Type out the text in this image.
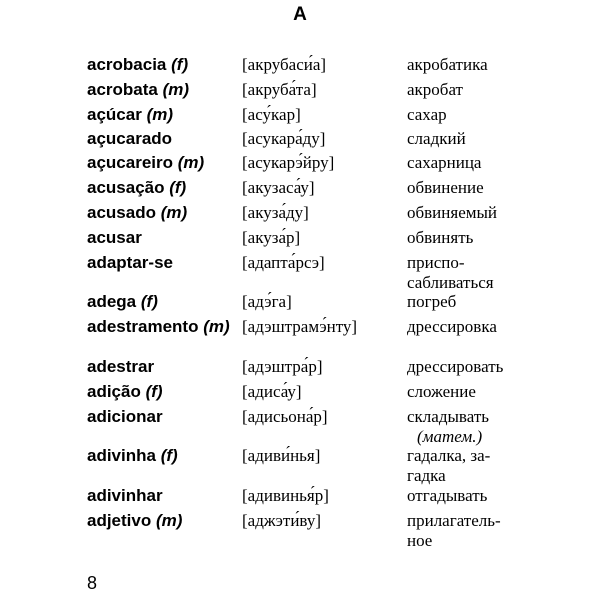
A
acrobacia (f)	[акрубаси́а]	акробатика
acrobata (m)	[акруба́та]	акробат
açúcar (m)	[асу́кар]	сахар
açucarado	[асукара́ду]	сладкий
açucareiro (m)	[асукарэ́йру]	сахарница
acusação (f)	[акузаса́у]	обвинение
acusado (m)	[акуза́ду]	обвиняемый
acusar	[акуза́р]	обвинять
adaptar-se	[адапта́рсэ]	приспо-
сабливаться
adega (f)	[адэ́га]	погреб
adestramento (m) [адэштрамэ́нту]	дрессировка
adestrar	[адэштра́р]	дрессировать
adição (f)	[адиса́у]	сложение
adicionar	[адисьона́р]	складывать
(матем.)
adivinha (f)	[адиви́нья]	гадалка, за-
гадка
adivinhar	[адивинья́р]	отгадывать
adjetivo (m)	[аджэти́ву]	прилагатель-
ное
8
